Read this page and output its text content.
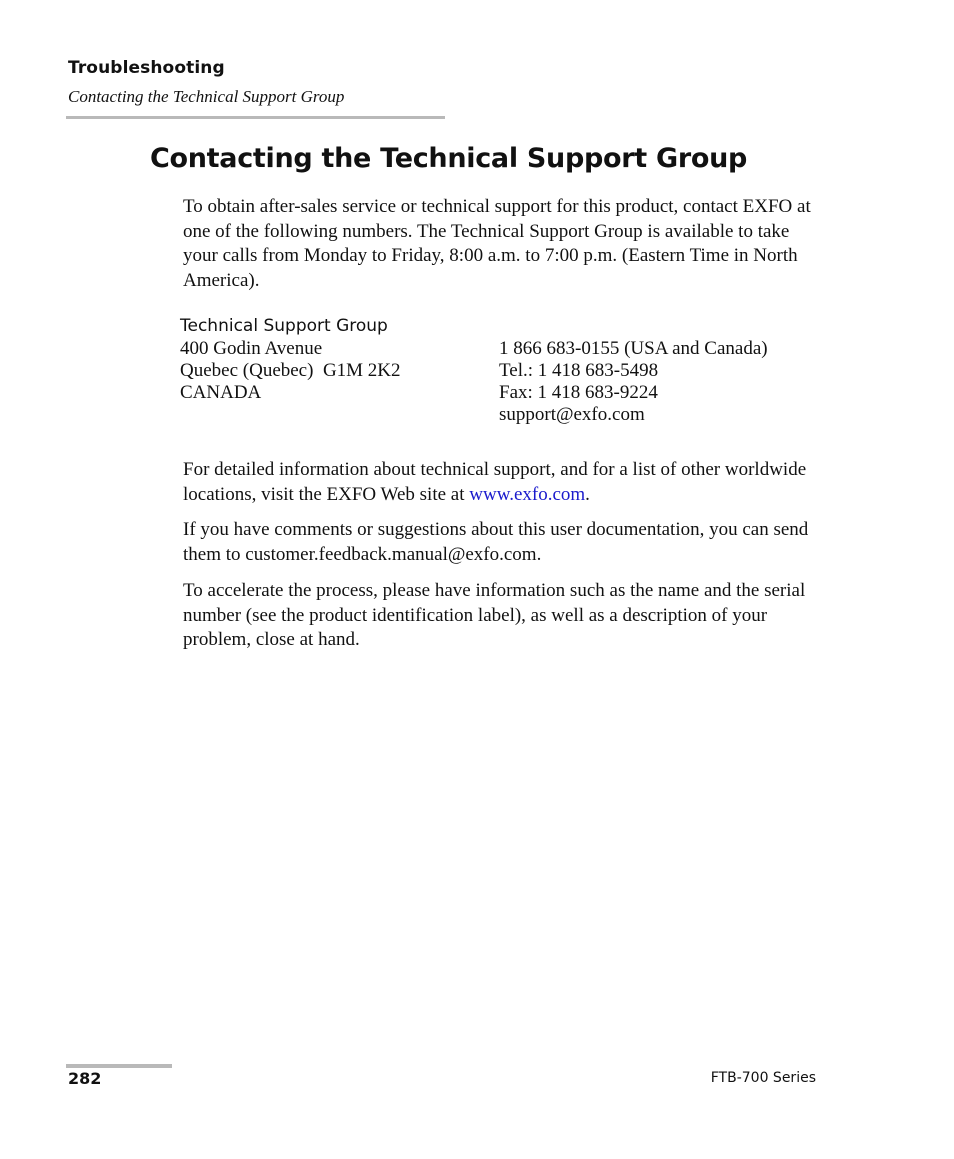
Troubleshooting
Contacting the Technical Support Group
Contacting the Technical Support Group

To obtain after-sales service or technical support for this product, contact EXFO at one of the following numbers. The Technical Support Group is available to take your calls from Monday to Friday, 8:00 a.m. to 7:00 p.m. (Eastern Time in North America).

Technical Support Group
400 Godin Avenue
Quebec (Quebec)  G1M 2K2
CANADA
1 866 683-0155 (USA and Canada)
Tel.: 1 418 683-5498
Fax: 1 418 683-9224
support@exfo.com

For detailed information about technical support, and for a list of other worldwide locations, visit the EXFO Web site at www.exfo.com.

If you have comments or suggestions about this user documentation, you can send them to customer.feedback.manual@exfo.com.

To accelerate the process, please have information such as the name and the serial number (see the product identification label), as well as a description of your problem, close at hand.

282	FTB-700 Series
